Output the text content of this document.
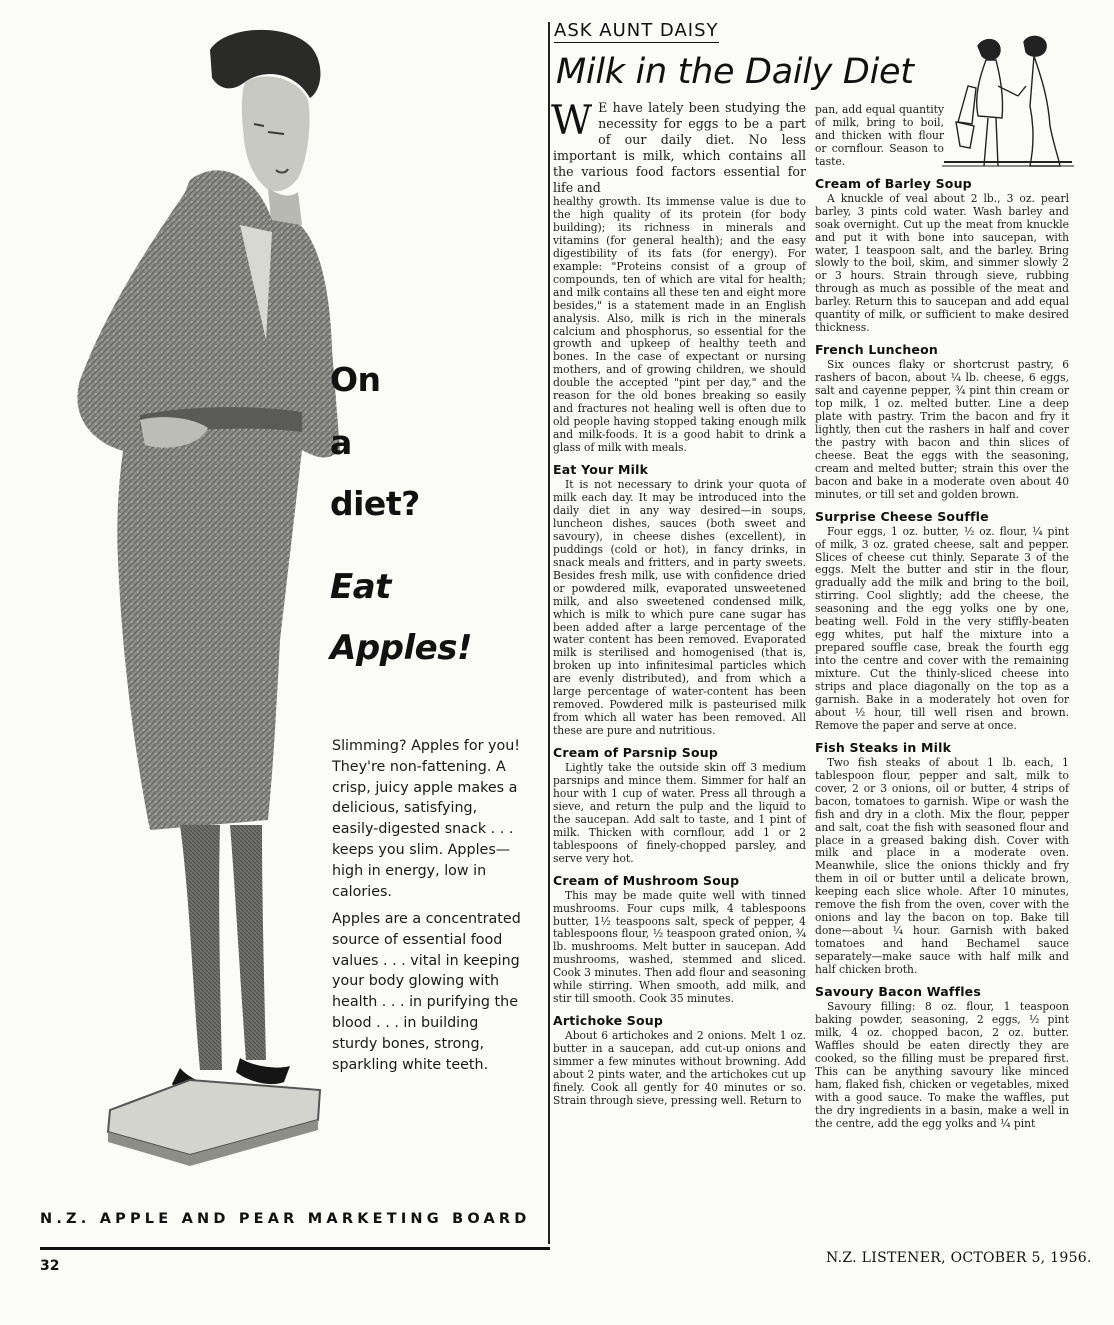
On
a
diet?
Eat
Apples!

Slimming? Apples for you! They're non-fattening. A crisp, juicy apple makes a delicious, satisfying, easily-digested snack . . . keeps you slim. Apples—high in energy, low in calories.

Apples are a concentrated source of essential food values . . . vital in keeping your body glowing with health . . . in purifying the blood . . . in building sturdy bones, strong, sparkling white teeth.

N.Z. APPLE AND PEAR MARKETING BOARD
32
ASK AUNT DAISY
Milk in the Daily Diet

W E have lately been studying the necessity for eggs to be a part of our daily diet. No less important is milk, which contains all the various food factors essential for life and

healthy growth. Its immense value is due to the high quality of its protein (for body building); its richness in minerals and vitamins (for general health); and the easy digestibility of its fats (for energy). For example: "Proteins consist of a group of compounds, ten of which are vital for health; and milk contains all these ten and eight more besides," is a statement made in an English analysis. Also, milk is rich in the minerals calcium and phosphorus, so essential for the growth and upkeep of healthy teeth and bones. In the case of expectant or nursing mothers, and of growing children, we should double the accepted "pint per day," and the reason for the old bones breaking so easily and fractures not healing well is often due to old people having stopped taking enough milk and milk-foods. It is a good habit to drink a glass of milk with meals.

Eat Your Milk

It is not necessary to drink your quota of milk each day. It may be introduced into the daily diet in any way desired—in soups, luncheon dishes, sauces (both sweet and savoury), in cheese dishes (excellent), in puddings (cold or hot), in fancy drinks, in snack meals and fritters, and in party sweets. Besides fresh milk, use with confidence dried or powdered milk, evaporated unsweetened milk, and also sweetened condensed milk, which is milk to which pure cane sugar has been added after a large percentage of the water content has been removed. Evaporated milk is sterilised and homogenised (that is, broken up into infinitesimal particles which are evenly distributed), and from which a large percentage of water-content has been removed. Powdered milk is pasteurised milk from which all water has been removed. All these are pure and nutritious.

Cream of Parsnip Soup

Lightly take the outside skin off 3 medium parsnips and mince them. Simmer for half an hour with 1 cup of water. Press all through a sieve, and return the pulp and the liquid to the saucepan. Add salt to taste, and 1 pint of milk. Thicken with cornflour, add 1 or 2 tablespoons of finely-chopped parsley, and serve very hot.

Cream of Mushroom Soup

This may be made quite well with tinned mushrooms. Four cups milk, 4 tablespoons butter, 1½ teaspoons salt, speck of pepper, 4 tablespoons flour, ½ teaspoon grated onion, ¾ lb. mushrooms. Melt butter in saucepan. Add mushrooms, washed, stemmed and sliced. Cook 3 minutes. Then add flour and seasoning while stirring. When smooth, add milk, and stir till smooth. Cook 35 minutes.

Artichoke Soup

About 6 artichokes and 2 onions. Melt 1 oz. butter in a saucepan, add cut-up onions and simmer a few minutes without browning. Add about 2 pints water, and the artichokes cut up finely. Cook all gently for 40 minutes or so. Strain through sieve, pressing well. Return to

pan, add equal quantity of milk, bring to boil, and thicken with flour or cornflour. Season to taste.

Cream of Barley Soup

A knuckle of veal about 2 lb., 3 oz. pearl barley, 3 pints cold water. Wash barley and soak overnight. Cut up the meat from knuckle and put it with bone into saucepan, with water, 1 teaspoon salt, and the barley. Bring slowly to the boil, skim, and simmer slowly 2 or 3 hours. Strain through sieve, rubbing through as much as possible of the meat and barley. Return this to saucepan and add equal quantity of milk, or sufficient to make desired thickness.

French Luncheon

Six ounces flaky or shortcrust pastry, 6 rashers of bacon, about ¼ lb. cheese, 6 eggs, salt and cayenne pepper, ¾ pint thin cream or top milk, 1 oz. melted butter. Line a deep plate with pastry. Trim the bacon and fry it lightly, then cut the rashers in half and cover the pastry with bacon and thin slices of cheese. Beat the eggs with the seasoning, cream and melted butter; strain this over the bacon and bake in a moderate oven about 40 minutes, or till set and golden brown.

Surprise Cheese Souffle

Four eggs, 1 oz. butter, ½ oz. flour, ¼ pint of milk, 3 oz. grated cheese, salt and pepper. Slices of cheese cut thinly. Separate 3 of the eggs. Melt the butter and stir in the flour, gradually add the milk and bring to the boil, stirring. Cool slightly; add the cheese, the seasoning and the egg yolks one by one, beating well. Fold in the very stiffly-beaten egg whites, put half the mixture into a prepared souffle case, break the fourth egg into the centre and cover with the remaining mixture. Cut the thinly-sliced cheese into strips and place diagonally on the top as a garnish. Bake in a moderately hot oven for about ½ hour, till well risen and brown. Remove the paper and serve at once.

Fish Steaks in Milk

Two fish steaks of about 1 lb. each, 1 tablespoon flour, pepper and salt, milk to cover, 2 or 3 onions, oil or butter, 4 strips of bacon, tomatoes to garnish. Wipe or wash the fish and dry in a cloth. Mix the flour, pepper and salt, coat the fish with seasoned flour and place in a greased baking dish. Cover with milk and place in a moderate oven. Meanwhile, slice the onions thickly and fry them in oil or butter until a delicate brown, keeping each slice whole. After 10 minutes, remove the fish from the oven, cover with the onions and lay the bacon on top. Bake till done—about ¼ hour. Garnish with baked tomatoes and hand Bechamel sauce separately—make sauce with half milk and half chicken broth.

Savoury Bacon Waffles

Savoury filling: 8 oz. flour, 1 teaspoon baking powder, seasoning, 2 eggs, ½ pint milk, 4 oz. chopped bacon, 2 oz. butter. Waffles should be eaten directly they are cooked, so the filling must be prepared first. This can be anything savoury like minced ham, flaked fish, chicken or vegetables, mixed with a good sauce. To make the waffles, put the dry ingredients in a basin, make a well in the centre, add the egg yolks and ¼ pint

N.Z. LISTENER, OCTOBER 5, 1956.
